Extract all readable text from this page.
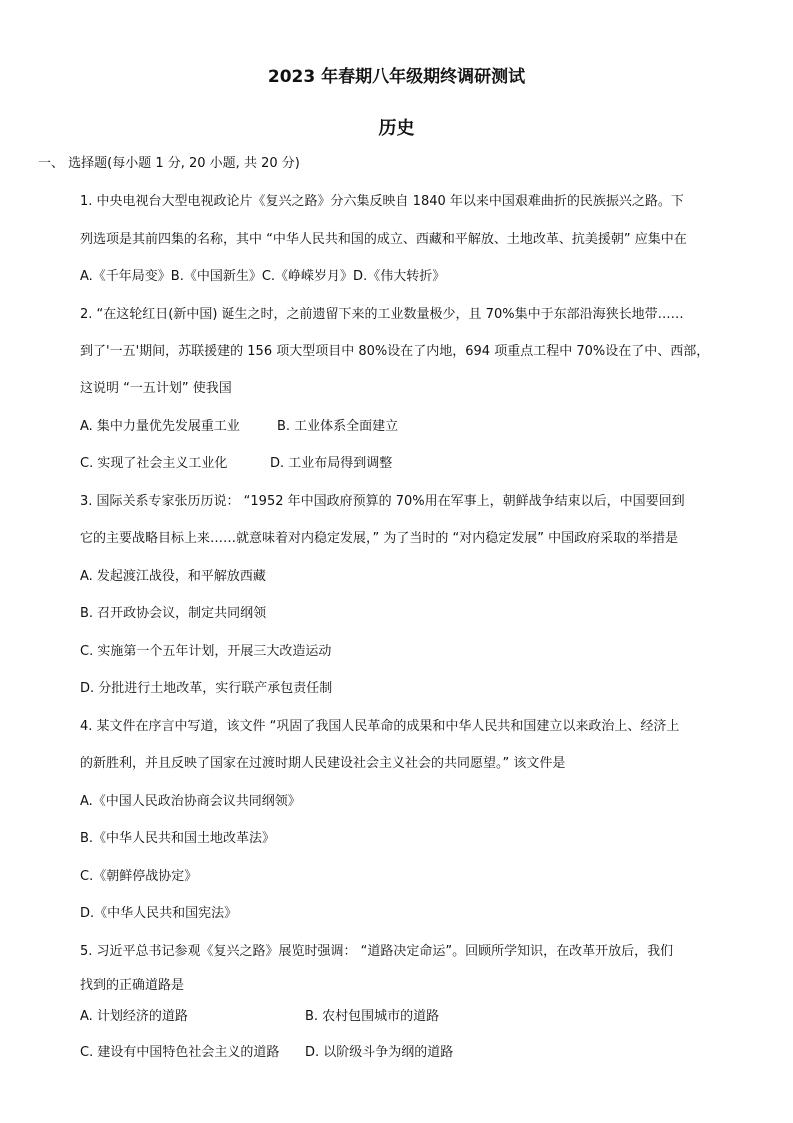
2023 年春期八年级期终调研测试
历史
一、 选择题(每小题 1 分, 20 小题, 共 20 分)
1. 中央电视台大型电视政论片《复兴之路》分六集反映自 1840 年以来中国艰难曲折的民族振兴之路。下
列选项是其前四集的名称，其中 “中华人民共和国的成立、西藏和平解放、土地改革、抗美援朝” 应集中在
A.《千年局变》B.《中国新生》C.《峥嵘岁月》D.《伟大转折》
2. “在这轮红日(新中国) 诞生之时，之前遗留下来的工业数量极少，且 70%集中于东部沿海狭长地带……
到了'一五'期间，苏联援建的 156 项大型项目中 80%设在了内地，694 项重点工程中 70%设在了中、西部，
这说明 “一五计划” 使我国
A. 集中力量优先发展重工业	B. 工业体系全面建立
C. 实现了社会主义工业化	D. 工业布局得到调整
3. 国际关系专家张历历说： “1952 年中国政府预算的 70%用在军事上，朝鲜战争结束以后，中国要回到
它的主要战略目标上来……就意味着对内稳定发展，” 为了当时的 “对内稳定发展” 中国政府采取的举措是
A. 发起渡江战役，和平解放西藏
B. 召开政协会议，制定共同纲领
C. 实施第一个五年计划，开展三大改造运动
D. 分批进行土地改革，实行联产承包责任制
4. 某文件在序言中写道，该文件 “巩固了我国人民革命的成果和中华人民共和国建立以来政治上、经济上
的新胜利，并且反映了国家在过渡时期人民建设社会主义社会的共同愿望。” 该文件是
A.《中国人民政治协商会议共同纲领》
B.《中华人民共和国土地改革法》
C.《朝鲜停战协定》
D.《中华人民共和国宪法》
5. 习近平总书记参观《复兴之路》展览时强调： “道路决定命运”。回顾所学知识，在改革开放后，我们
找到的正确道路是
A. 计划经济的道路	B. 农村包围城市的道路
C. 建设有中国特色社会主义的道路 D. 以阶级斗争为纲的道路
